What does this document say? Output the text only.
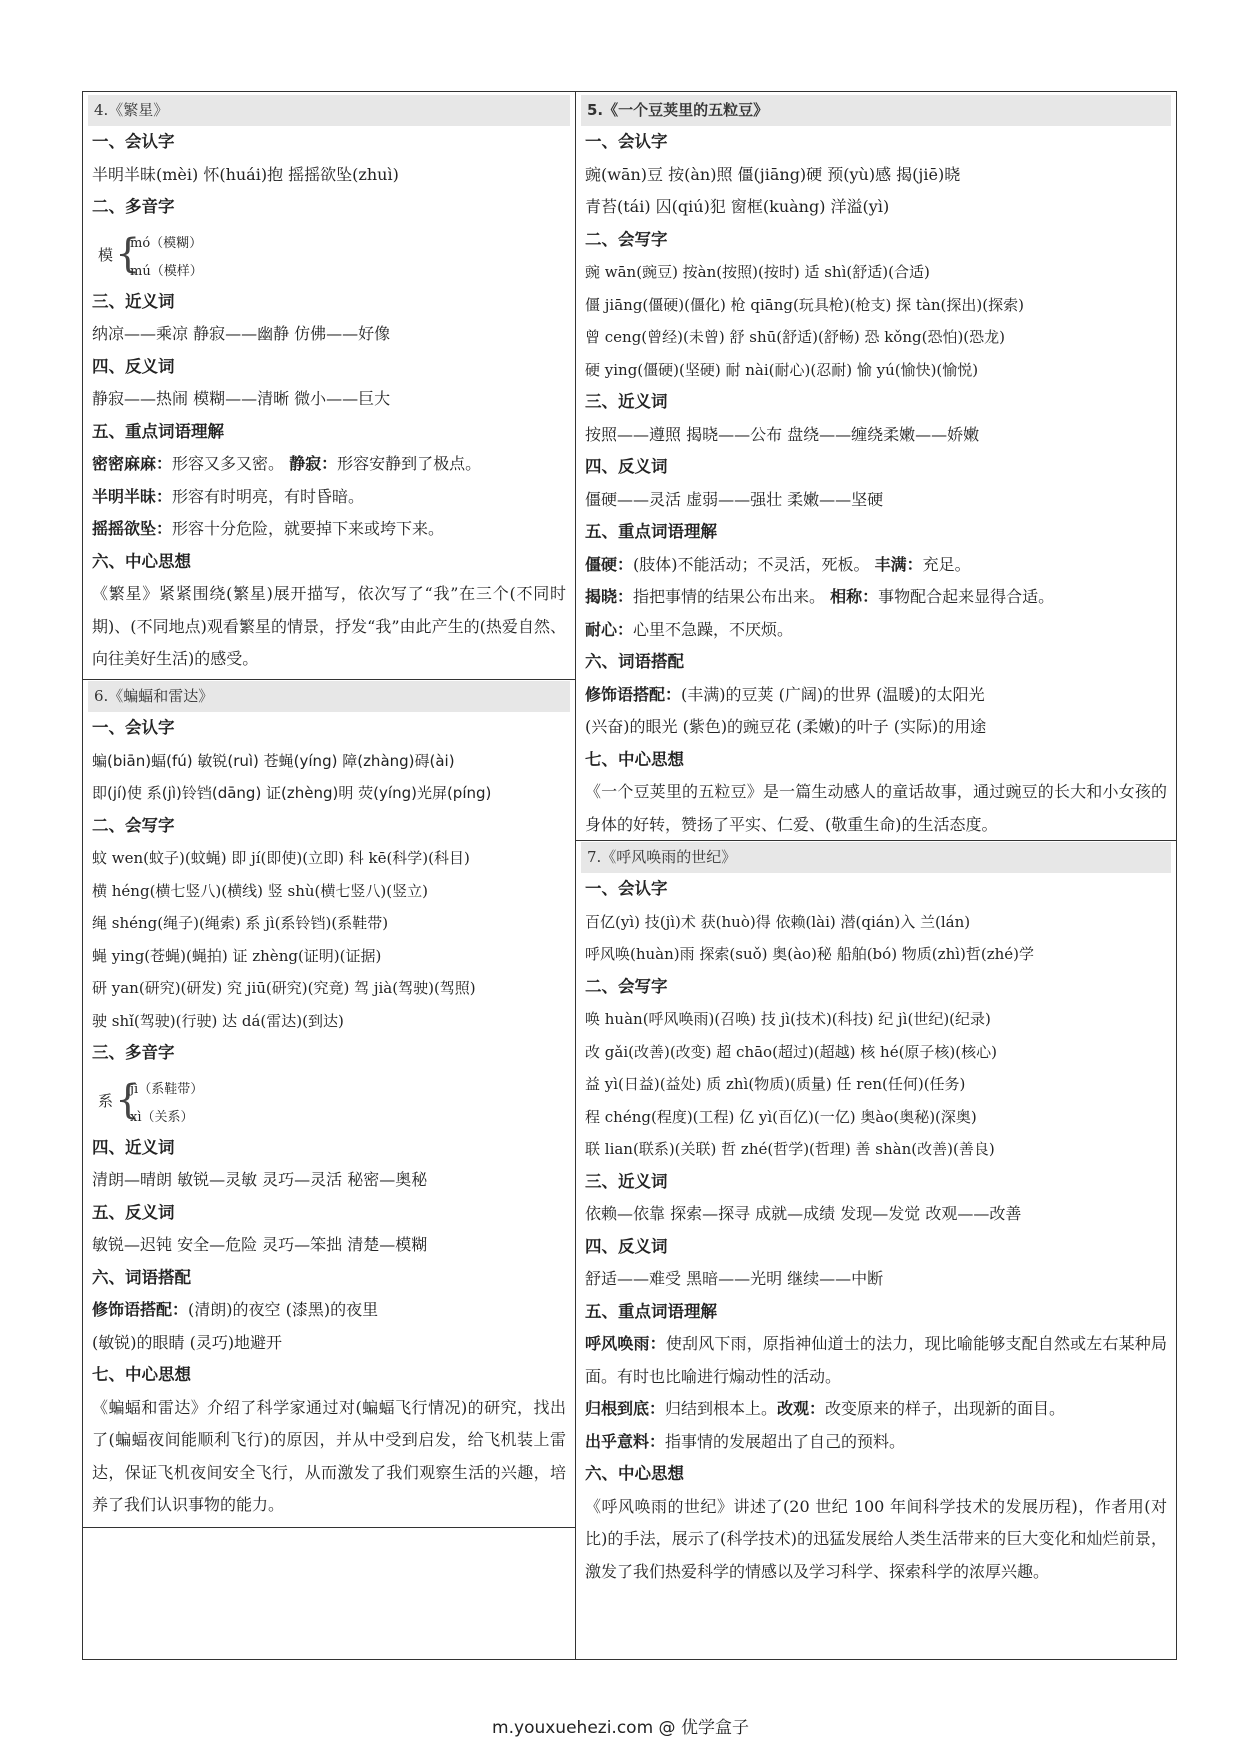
4.《繁星》
一、会认字
半明半昧(mèi) 怀(huái)抱 摇摇欲坠(zhuì)
二、多音字
模 {
mó（模糊）
mú（模样）
三、近义词
纳凉——乘凉 静寂——幽静 仿佛——好像
四、反义词
静寂——热闹 模糊——清晰 微小——巨大
五、重点词语理解
密密麻麻：形容又多又密。 静寂：形容安静到了极点。
半明半昧：形容有时明亮，有时昏暗。
摇摇欲坠：形容十分危险，就要掉下来或垮下来。
六、中心思想
《繁星》紧紧围绕(繁星)展开描写，依次写了“我”在三个(不同时期)、(不同地点)观看繁星的情景，抒发“我”由此产生的(热爱自然、向往美好生活)的感受。
6.《蝙蝠和雷达》
一、会认字
蝙(biān)蝠(fú) 敏锐(ruì) 苍蝇(yíng) 障(zhàng)碍(ài)
即(jí)使 系(jì)铃铛(dāng) 证(zhèng)明 荧(yíng)光屏(píng)
二、会写字
蚊 wen(蚊子)(蚊蝇) 即 jí(即使)(立即) 科 kē(科学)(科目)
横 héng(横七竖八)(横线) 竖 shù(横七竖八)(竖立)
绳 shéng(绳子)(绳索) 系 jì(系铃铛)(系鞋带)
蝇 ying(苍蝇)(蝇拍) 证 zhèng(证明)(证据)
研 yan(研究)(研发) 究 jiū(研究)(究竟) 驾 jià(驾驶)(驾照)
驶 shǐ(驾驶)(行驶) 达 dá(雷达)(到达)
三、多音字
系 {
jì（系鞋带）
xì（关系）
四、近义词
清朗—晴朗 敏锐—灵敏 灵巧—灵活 秘密—奥秘
五、反义词
敏锐—迟钝 安全—危险 灵巧—笨拙 清楚—模糊
六、词语搭配
修饰语搭配：(清朗)的夜空 (漆黑)的夜里
(敏锐)的眼睛 (灵巧)地避开
七、中心思想
《蝙蝠和雷达》介绍了科学家通过对(蝙蝠飞行情况)的研究，找出了(蝙蝠夜间能顺利飞行)的原因，并从中受到启发，给飞机装上雷达，保证飞机夜间安全飞行，从而激发了我们观察生活的兴趣，培养了我们认识事物的能力。
5.《一个豆荚里的五粒豆》
一、会认字
豌(wān)豆 按(àn)照 僵(jiāng)硬 预(yù)感 揭(jiē)晓
青苔(tái) 囚(qiú)犯 窗框(kuàng) 洋溢(yì)
二、会写字
豌 wān(豌豆) 按àn(按照)(按时) 适 shì(舒适)(合适)
僵 jiāng(僵硬)(僵化) 枪 qiāng(玩具枪)(枪支) 探 tàn(探出)(探索)
曾 ceng(曾经)(未曾) 舒 shū(舒适)(舒畅) 恐 kǒng(恐怕)(恐龙)
硬 ying(僵硬)(坚硬) 耐 nài(耐心)(忍耐) 愉 yú(愉快)(愉悦)
三、近义词
按照——遵照 揭晓——公布 盘绕——缠绕柔嫩——娇嫩
四、反义词
僵硬——灵活 虚弱——强壮 柔嫩——坚硬
五、重点词语理解
僵硬：(肢体)不能活动；不灵活，死板。 丰满：充足。
揭晓：指把事情的结果公布出来。 相称：事物配合起来显得合适。
耐心：心里不急躁，不厌烦。
六、词语搭配
修饰语搭配：(丰满)的豆荚 (广阔)的世界 (温暖)的太阳光
(兴奋)的眼光 (紫色)的豌豆花 (柔嫩)的叶子 (实际)的用途
七、中心思想
《一个豆荚里的五粒豆》是一篇生动感人的童话故事，通过豌豆的长大和小女孩的身体的好转，赞扬了平实、仁爱、(敬重生命)的生活态度。
7.《呼风唤雨的世纪》
一、会认字
百亿(yì) 技(jì)术 获(huò)得 依赖(lài) 潜(qián)入 兰(lán)
呼风唤(huàn)雨 探索(suǒ) 奥(ào)秘 船舶(bó) 物质(zhì)哲(zhé)学
二、会写字
唤 huàn(呼风唤雨)(召唤) 技 jì(技术)(科技) 纪 jì(世纪)(纪录)
改 gǎi(改善)(改变) 超 chāo(超过)(超越) 核 hé(原子核)(核心)
益 yì(日益)(益处) 质 zhì(物质)(质量) 任 ren(任何)(任务)
程 chéng(程度)(工程) 亿 yì(百亿)(一亿) 奥ào(奥秘)(深奥)
联 lian(联系)(关联) 哲 zhé(哲学)(哲理) 善 shàn(改善)(善良)
三、近义词
依赖—依靠 探索—探寻 成就—成绩 发现—发觉 改观——改善
四、反义词
舒适——难受 黑暗——光明 继续——中断
五、重点词语理解
呼风唤雨：使刮风下雨，原指神仙道士的法力，现比喻能够支配自然或左右某种局面。有时也比喻进行煽动性的活动。
归根到底：归结到根本上。改观：改变原来的样子，出现新的面目。
出乎意料：指事情的发展超出了自己的预料。
六、中心思想
《呼风唤雨的世纪》讲述了(20 世纪 100 年间科学技术的发展历程)，作者用(对比)的手法，展示了(科学技术)的迅猛发展给人类生活带来的巨大变化和灿烂前景，激发了我们热爱科学的情感以及学习科学、探索科学的浓厚兴趣。
m.youxuehezi.com @ 优学盒子
